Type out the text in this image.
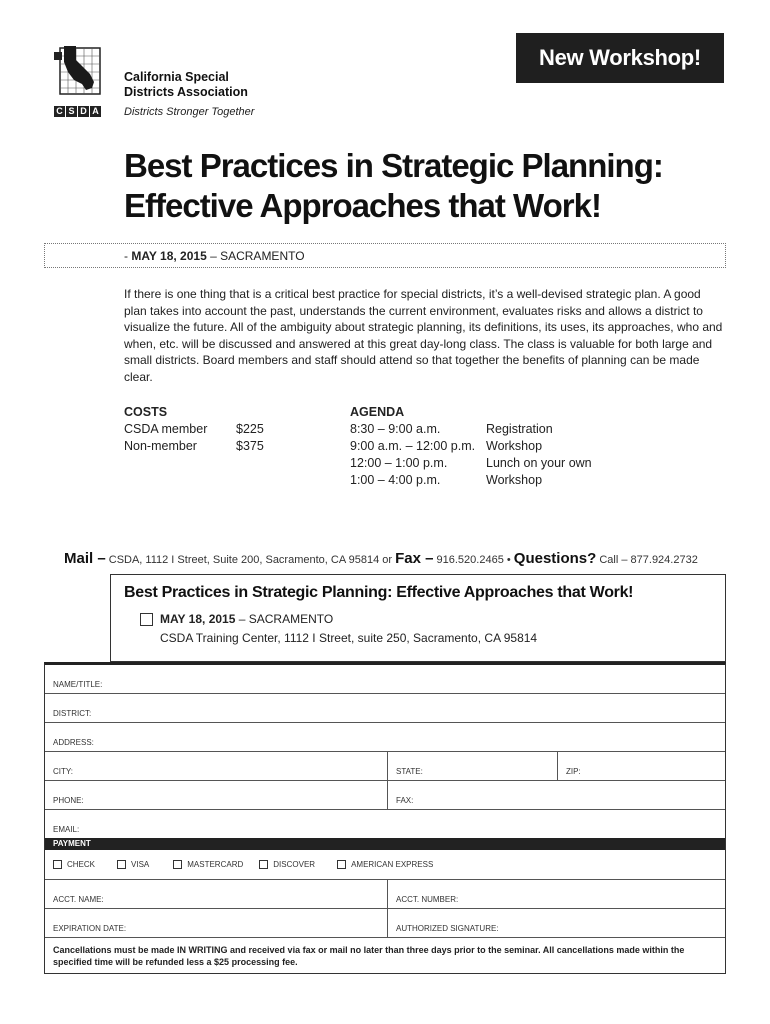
C S D A
California Special
Districts Association
Districts Stronger Together
New Workshop!
Best Practices in Strategic Planning:
Effective Approaches that Work!
- MAY 18, 2015 – SACRAMENTO
If there is one thing that is a critical best practice for special districts, it’s a well-devised strategic plan. A good plan takes into account the past, understands the current environment, evaluates risks and allows a district to visualize the future. All of the ambiguity about strategic planning, its definitions, its uses, its approaches, who and when, etc. will be discussed and answered at this great day-long class. The class is valuable for both large and small districts. Board members and staff should attend so that together the benefits of planning can be made clear.
COSTS
CSDA member	$225
Non-member	$375
AGENDA
8:30 – 9:00 a.m.	Registration
9:00 a.m. – 12:00 p.m. Workshop
12:00 – 1:00 p.m.	Lunch on your own
1:00 – 4:00 p.m.	Workshop
Mail – CSDA, 1112 I Street, Suite 200, Sacramento, CA 95814 or Fax – 916.520.2465 • Questions? Call – 877.924.2732
Best Practices in Strategic Planning: Effective Approaches that Work!
MAY 18, 2015 – SACRAMENTO
CSDA Training Center, 1112 I Street, suite 250, Sacramento, CA 95814
NAME/TITLE:
DISTRICT:
ADDRESS:
CITY:	STATE:	ZIP:
PHONE:	FAX:
EMAIL:
PAYMENT
CHECK	VISA	MASTERCARD	DISCOVER	AMERICAN EXPRESS
ACCT. NAME:	ACCT. NUMBER:
EXPIRATION DATE:	AUTHORIZED SIGNATURE:
Cancellations must be made IN WRITING and received via fax or mail no later than three days prior to the seminar. All cancellations made within the specified time will be refunded less a $25 processing fee.
